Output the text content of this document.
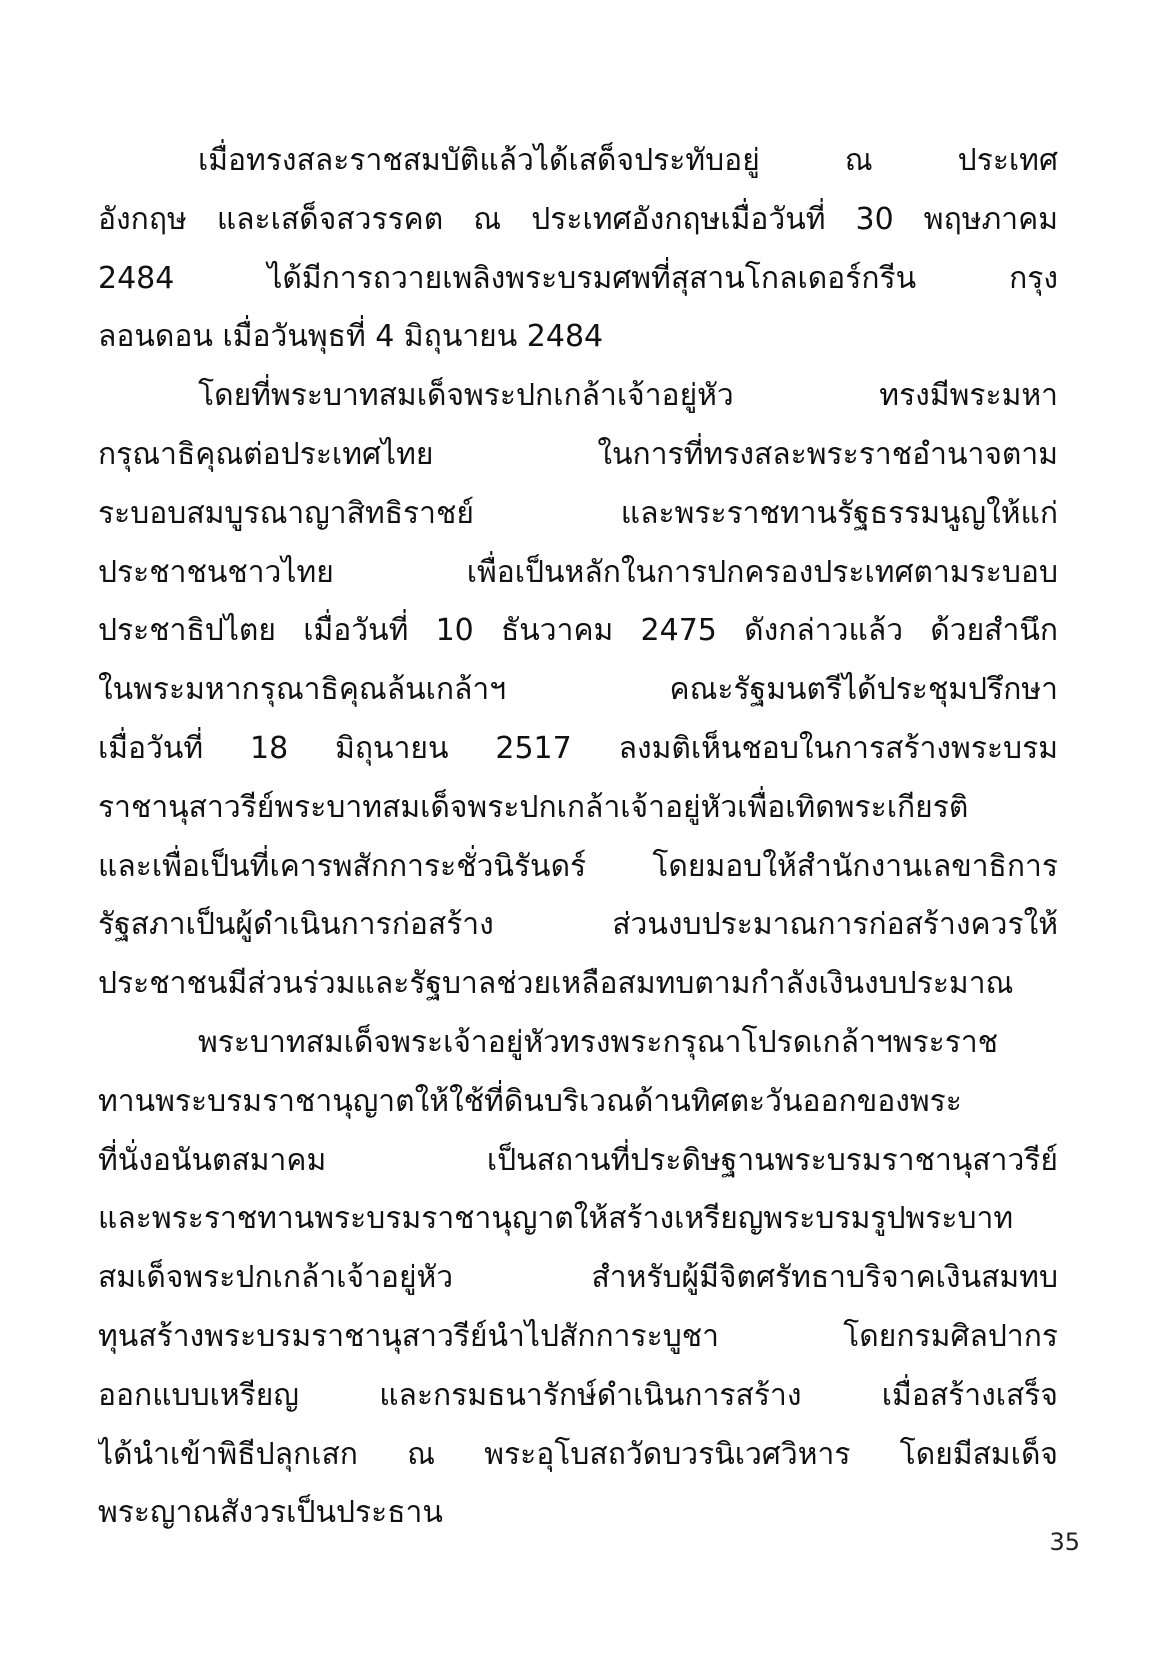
เมื่อทรงสละราชสมบัติแล้วได้เสด็จประทับอยู่ ณ ประเทศ
อังกฤษ และเสด็จสวรรคต ณ ประเทศอังกฤษเมื่อวันที่ 30 พฤษภาคม
2484 ได้มีการถวายเพลิงพระบรมศพที่สุสานโกลเดอร์กรีน กรุง
ลอนดอน เมื่อวันพุธที่ 4 มิถุนายน 2484
โดยที่พระบาทสมเด็จพระปกเกล้าเจ้าอยู่หัว ทรงมีพระมหา
กรุณาธิคุณต่อประเทศไทย ในการที่ทรงสละพระราชอำนาจตาม
ระบอบสมบูรณาญาสิทธิราชย์ และพระราชทานรัฐธรรมนูญให้แก่
ประชาชนชาวไทย เพื่อเป็นหลักในการปกครองประเทศตามระบอบ
ประชาธิปไตย เมื่อวันที่ 10 ธันวาคม 2475 ดังกล่าวแล้ว ด้วยสำนึก
ในพระมหากรุณาธิคุณล้นเกล้าฯ คณะรัฐมนตรีได้ประชุมปรึกษา
เมื่อวันที่ 18 มิถุนายน 2517 ลงมติเห็นชอบในการสร้างพระบรม
ราชานุสาวรีย์พระบาทสมเด็จพระปกเกล้าเจ้าอยู่หัวเพื่อเทิดพระเกียรติ
และเพื่อเป็นที่เคารพสักการะชั่วนิรันดร์ โดยมอบให้สำนักงานเลขาธิการ
รัฐสภาเป็นผู้ดำเนินการก่อสร้าง ส่วนงบประมาณการก่อสร้างควรให้
ประชาชนมีส่วนร่วมและรัฐบาลช่วยเหลือสมทบตามกำลังเงินงบประมาณ
พระบาทสมเด็จพระเจ้าอยู่หัวทรงพระกรุณาโปรดเกล้าฯพระราช
ทานพระบรมราชานุญาตให้ใช้ที่ดินบริเวณด้านทิศตะวันออกของพระ
ที่นั่งอนันตสมาคม เป็นสถานที่ประดิษฐานพระบรมราชานุสาวรีย์
และพระราชทานพระบรมราชานุญาตให้สร้างเหรียญพระบรมรูปพระบาท
สมเด็จพระปกเกล้าเจ้าอยู่หัว สำหรับผู้มีจิตศรัทธาบริจาคเงินสมทบ
ทุนสร้างพระบรมราชานุสาวรีย์นำไปสักการะบูชา โดยกรมศิลปากร
ออกแบบเหรียญ และกรมธนารักษ์ดำเนินการสร้าง เมื่อสร้างเสร็จ
ได้นำเข้าพิธีปลุกเสก ณ พระอุโบสถวัดบวรนิเวศวิหาร โดยมีสมเด็จ
พระญาณสังวรเป็นประธาน
35
